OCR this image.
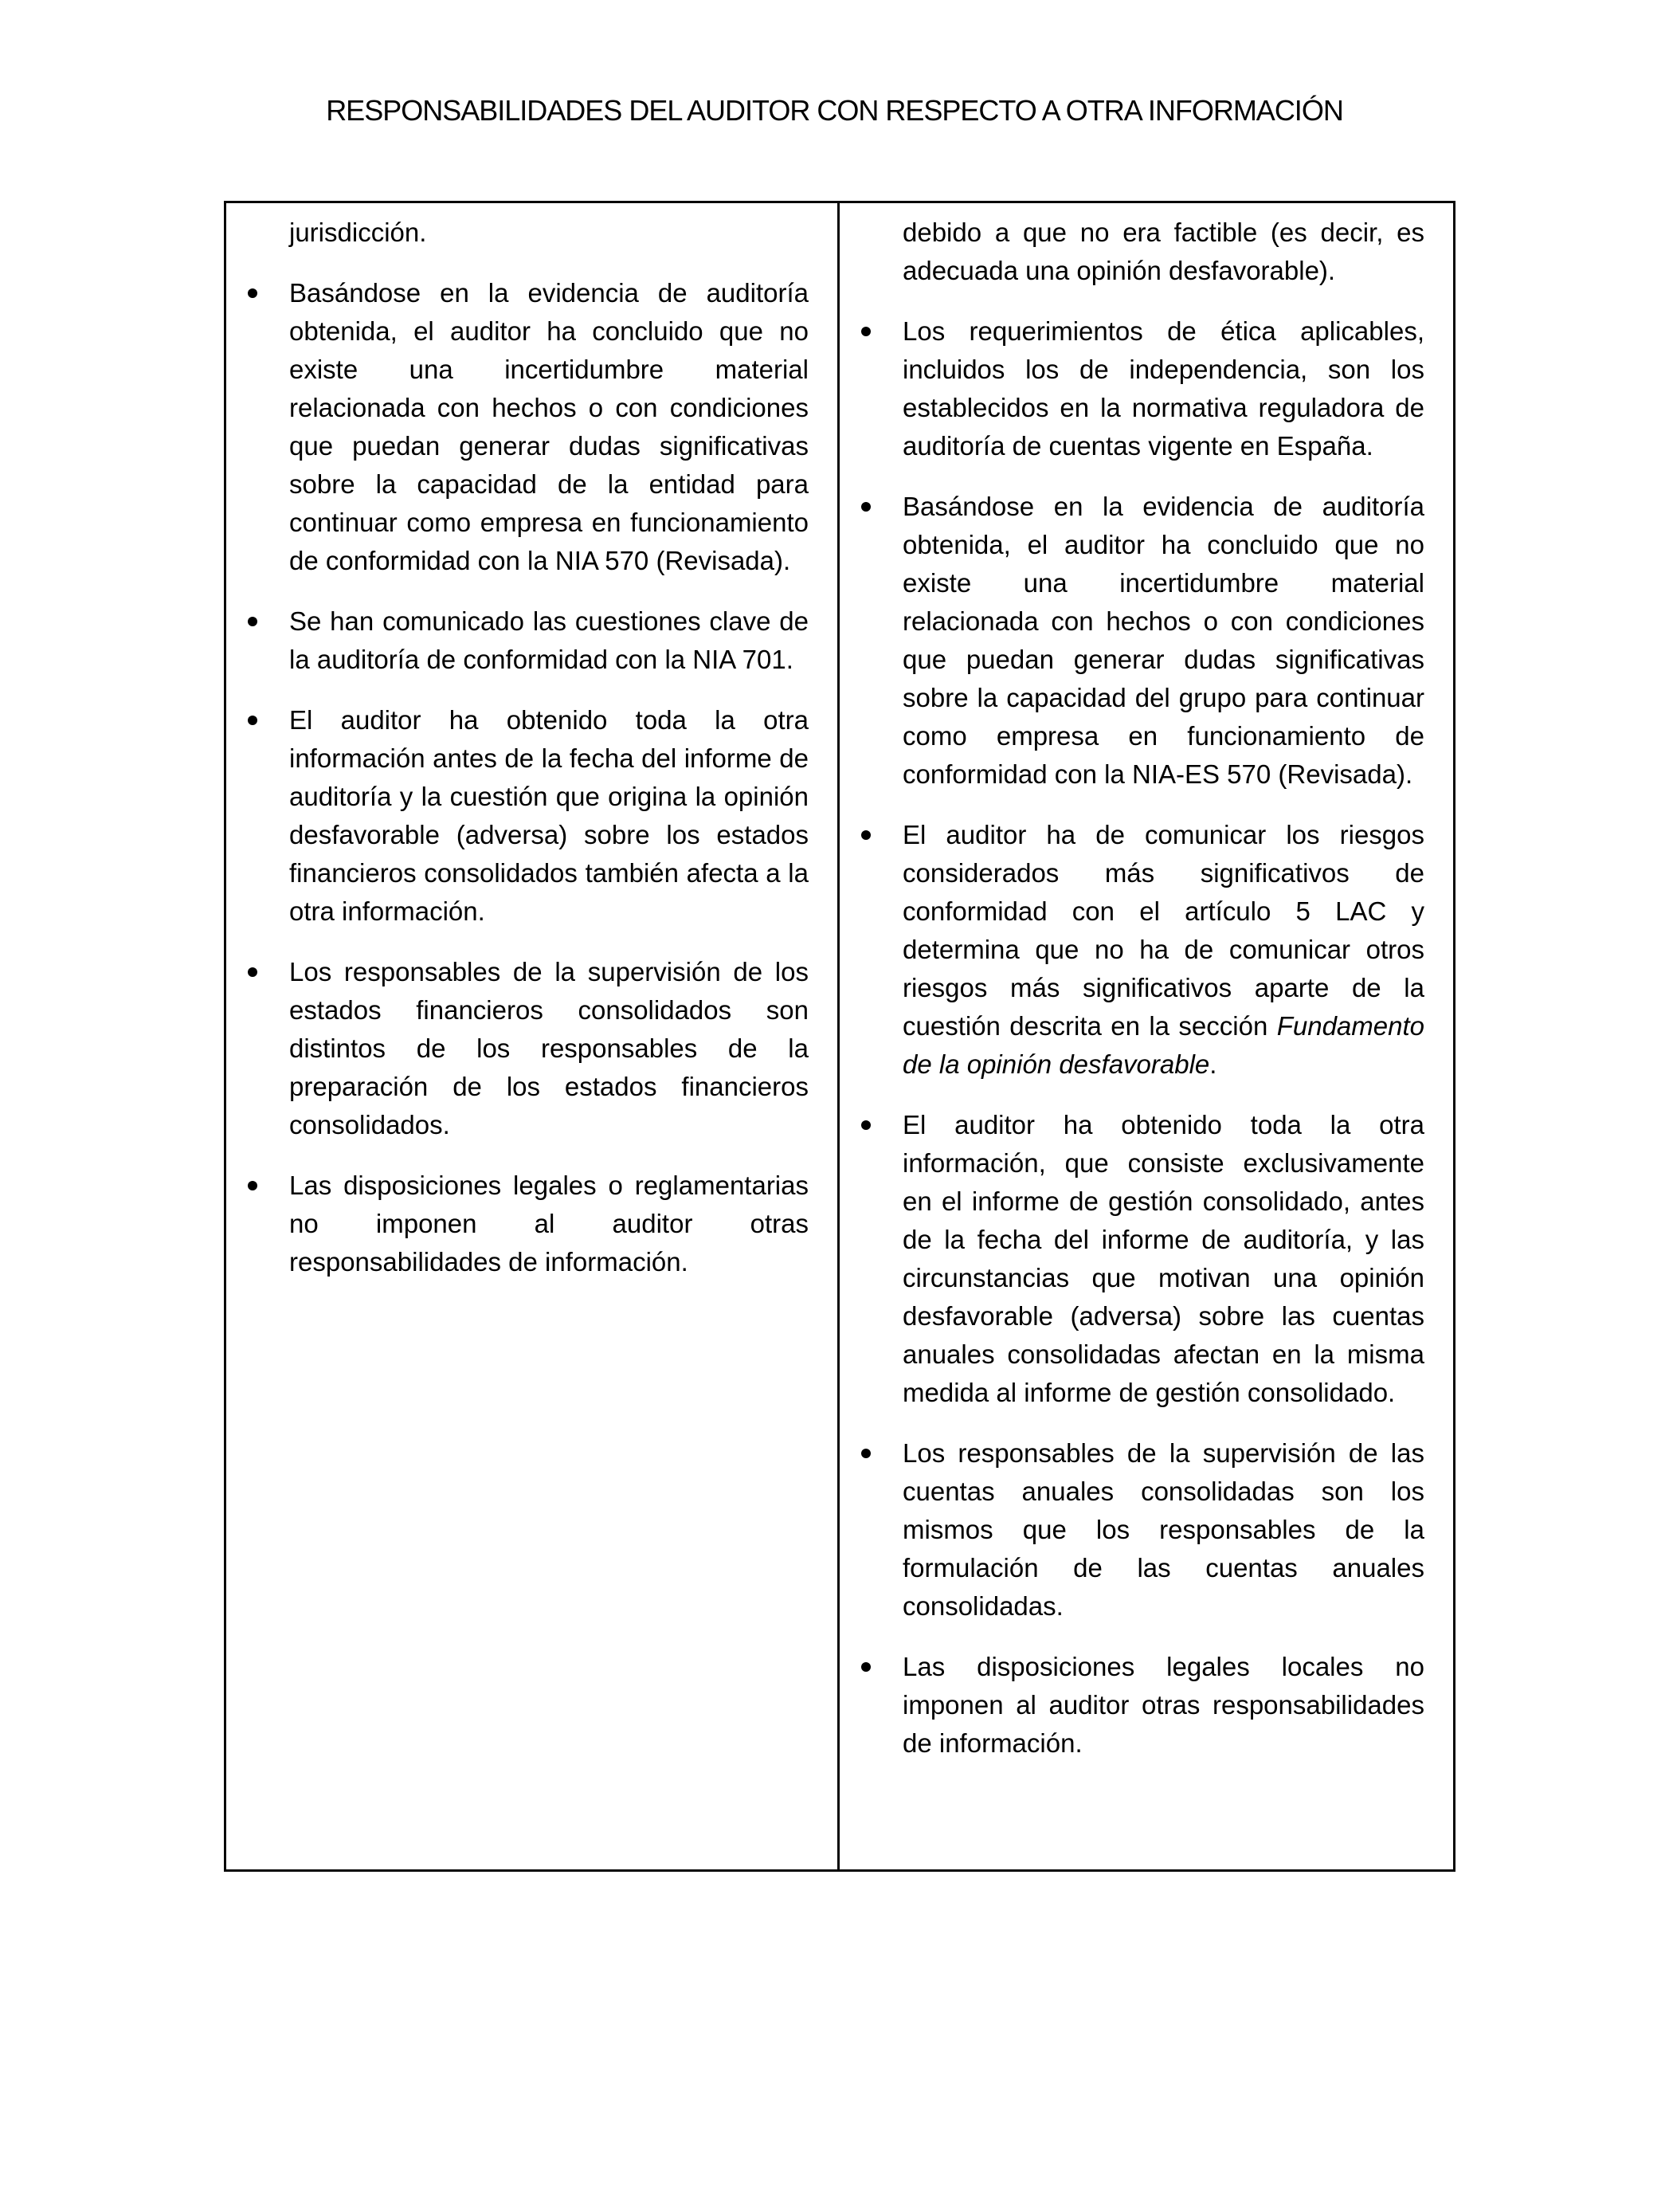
RESPONSABILIDADES DEL AUDITOR CON RESPECTO A OTRA INFORMACIÓN

jurisdicción.

Basándose en la evidencia de auditoría obtenida, el auditor ha concluido que no existe una incertidumbre material relacionada con hechos o con condiciones que puedan generar dudas significativas sobre la capacidad de la entidad para continuar como empresa en funcionamiento de conformidad con la NIA 570 (Revisada).
Se han comunicado las cuestiones clave de la auditoría de conformidad con la NIA 701.
El auditor ha obtenido toda la otra información antes de la fecha del informe de auditoría y la cuestión que origina la opinión desfavorable (adversa) sobre los estados financieros consolidados también afecta a la otra información.
Los responsables de la supervisión de los estados financieros consolidados son distintos de los responsables de la preparación de los estados financieros consolidados.
Las disposiciones legales o reglamentarias no imponen al auditor otras responsabilidades de información.

debido a que no era factible (es decir, es adecuada una opinión desfavorable).

Los requerimientos de ética aplicables, incluidos los de independencia, son los establecidos en la normativa reguladora de auditoría de cuentas vigente en España.
Basándose en la evidencia de auditoría obtenida, el auditor ha concluido que no existe una incertidumbre material relacionada con hechos o con condiciones que puedan generar dudas significativas sobre la capacidad del grupo para continuar como empresa en funcionamiento de conformidad con la NIA-ES 570 (Revisada).
El auditor ha de comunicar los riesgos considerados más significativos de conformidad con el artículo 5 LAC y determina que no ha de comunicar otros riesgos más significativos aparte de la cuestión descrita en la sección Fundamento de la opinión desfavorable.
El auditor ha obtenido toda la otra información, que consiste exclusivamente en el informe de gestión consolidado, antes de la fecha del informe de auditoría, y las circunstancias que motivan una opinión desfavorable (adversa) sobre las cuentas anuales consolidadas afectan en la misma medida al informe de gestión consolidado.
Los responsables de la supervisión de las cuentas anuales consolidadas son los mismos que los responsables de la formulación de las cuentas anuales consolidadas.
Las disposiciones legales locales no imponen al auditor otras responsabilidades de información.
